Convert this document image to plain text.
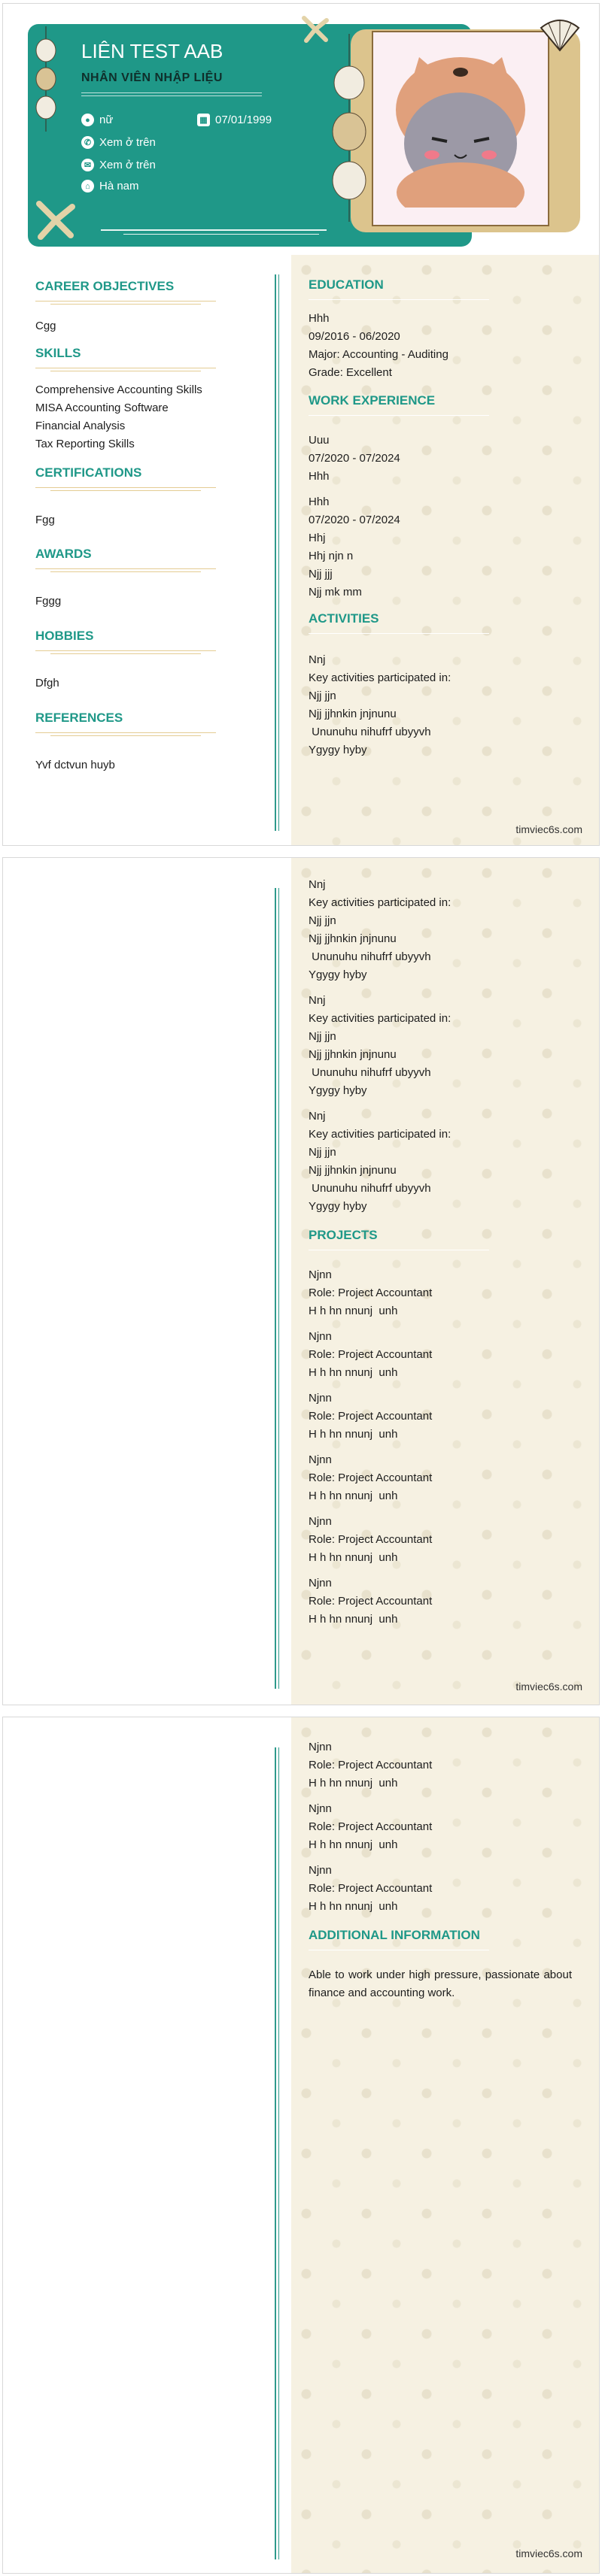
LIÊN TEST AAB
NHÂN VIÊN NHẬP LIỆU
● nữ	▦ 07/01/1999
✆ Xem ở trên
✉ Xem ở trên
⌂ Hà nam
CAREER OBJECTIVES
Cgg
SKILLS
Comprehensive Accounting Skills
MISA Accounting Software
Financial Analysis
Tax Reporting Skills
CERTIFICATIONS
Fgg
AWARDS
Fggg
HOBBIES
Dfgh
REFERENCES
Yvf dctvun huyb
EDUCATION
Hhh
09/2016 - 06/2020
Major: Accounting - Auditing
Grade: Excellent
WORK EXPERIENCE
Uuu
07/2020 - 07/2024
Hhh
Hhh
07/2020 - 07/2024
Hhj
Hhj njn n
Njj jjj
Njj mk mm
ACTIVITIES
Nnj
Key activities participated in:
Njj jjn
Njj jjhnkin jnjnunu
Ununuhu nihufrf ubyyvh
Ygygy hyby
timviec6s.com
Nnj
Key activities participated in:
Njj jjn
Njj jjhnkin jnjnunu
Ununuhu nihufrf ubyyvh
Ygygy hyby
Nnj
Key activities participated in:
Njj jjn
Njj jjhnkin jnjnunu
Ununuhu nihufrf ubyyvh
Ygygy hyby
Nnj
Key activities participated in:
Njj jjn
Njj jjhnkin jnjnunu
Ununuhu nihufrf ubyyvh
Ygygy hyby
PROJECTS
Njnn
Role: Project Accountant
H h hn nnunj  unh
Njnn
Role: Project Accountant
H h hn nnunj  unh
Njnn
Role: Project Accountant
H h hn nnunj  unh
Njnn
Role: Project Accountant
H h hn nnunj  unh
Njnn
Role: Project Accountant
H h hn nnunj  unh
Njnn
Role: Project Accountant
H h hn nnunj  unh
timviec6s.com
Njnn
Role: Project Accountant
H h hn nnunj  unh
Njnn
Role: Project Accountant
H h hn nnunj  unh
Njnn
Role: Project Accountant
H h hn nnunj  unh
ADDITIONAL INFORMATION
Able to work under high pressure, passionate about finance and accounting work.
timviec6s.com
